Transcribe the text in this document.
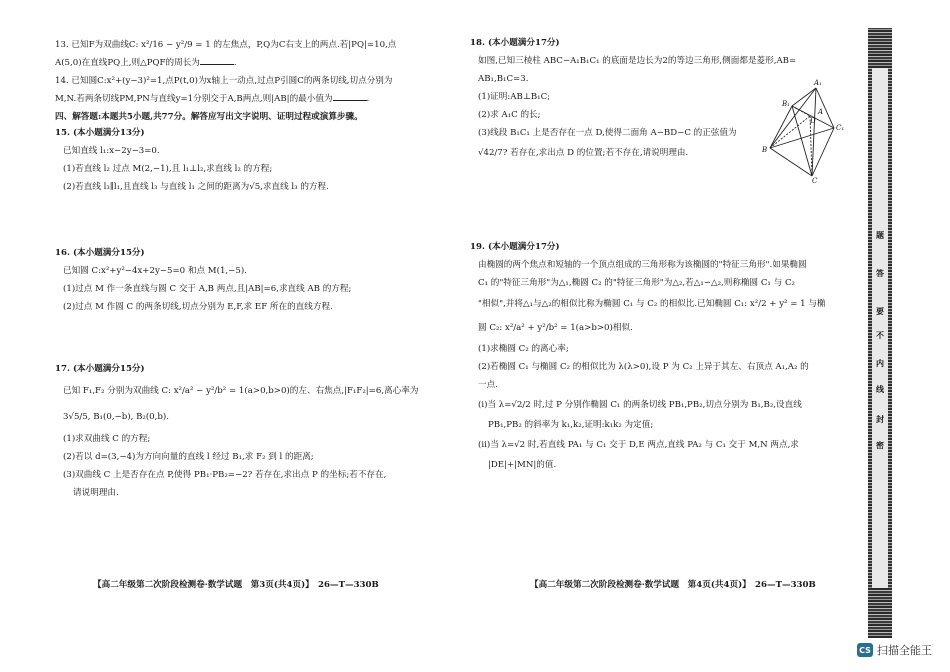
13. 已知F为双曲线C: x²/16 − y²/9 = 1 的左焦点，P,Q为C右支上的两点.若|PQ|=10,点

A(5,0)在直线PQ上,则△PQF的周长为	.

14. 已知圆C:x²+(y−3)²=1,点P(t,0)为x轴上一动点,过点P引圆C的两条切线,切点分别为

M,N.若两条切线PM,PN与直线y=1分别交于A,B两点,则|AB|的最小值为	.

四、解答题:本题共5小题,共77分。解答应写出文字说明、证明过程或演算步骤。

15. (本小题满分13分)

已知直线 l₁:x−2y−3=0.

(1)若直线 l₂ 过点 M(2,−1),且 l₁⊥l₂,求直线 l₂ 的方程;

(2)若直线 l₃∥l₁,且直线 l₃ 与直线 l₁ 之间的距离为√5,求直线 l₃ 的方程.

16. (本小题满分15分)

已知圆 C:x²+y²−4x+2y−5=0 和点 M(1,−5).

(1)过点 M 作一条直线与圆 C 交于 A,B 两点,且|AB|=6,求直线 AB 的方程;

(2)过点 M 作圆 C 的两条切线,切点分别为 E,F,求 EF 所在的直线方程.

17. (本小题满分15分)

已知 F₁,F₂ 分别为双曲线 C: x²/a² − y²/b² = 1(a>0,b>0)的左、右焦点,|F₁F₂|=6,离心率为

3√5/5, B₁(0,−b), B₂(0,b).

(1)求双曲线 C 的方程;

(2)若以 d=(3,−4)为方向向量的直线 l 经过 B₁,求 F₂ 到 l 的距离;

(3)双曲线 C 上是否存在点 P,使得 PB₁·PB₂=−2? 若存在,求出点 P 的坐标;若不存在,

请说明理由.

【高二年级第二次阶段检测卷·数学试题　第3页(共4页)】　26—T—330B

18. (本小题满分17分)

如图,已知三棱柱 ABC−A₁B₁C₁ 的底面是边长为2的等边三角形,侧面都是菱形,AB=

AB₁,B₁C=3.

(1)证明:AB⊥B₁C;

(2)求 A₁C 的长;

(3)线段 B₁C₁ 上是否存在一点 D,使得二面角 A−BD−C 的正弦值为

√42/7? 若存在,求出点 D 的位置;若不存在,请说明理由.

A₁
B₁
C₁
D
A
B
C

19. (本小题满分17分)

由椭圆的两个焦点和短轴的一个顶点组成的三角形称为该椭圆的"特征三角形".如果椭圆

C₁ 的"特征三角形"为△₁,椭圆 C₂ 的"特征三角形"为△₂,若△₁∽△₂,则称椭圆 C₁ 与 C₂

"相似",并将△₁与△₂的相似比称为椭圆 C₁ 与 C₂ 的相似比.已知椭圆 C₁: x²/2 + y² = 1 与椭

圆 C₂: x²/a² + y²/b² = 1(a>b>0)相似.

(1)求椭圆 C₂ 的离心率;

(2)若椭圆 C₁ 与椭圆 C₂ 的相似比为 λ(λ>0),设 P 为 C₂ 上异于其左、右顶点 A₁,A₂ 的

一点.

(ⅰ)当 λ=√2/2 时,过 P 分别作椭圆 C₁ 的两条切线 PB₁,PB₂,切点分别为 B₁,B₂,设直线

PB₁,PB₂ 的斜率为 k₁,k₂,证明:k₁k₂ 为定值;

(ⅱ)当 λ=√2 时,若直线 PA₁ 与 C₁ 交于 D,E 两点,直线 PA₂ 与 C₁ 交于 M,N 两点,求

|DE|+|MN|的值.

【高二年级第二次阶段检测卷·数学试题　第4页(共4页)】　26—T—330B
题
答
要
不
内
线
封
密
CS 扫描全能王
